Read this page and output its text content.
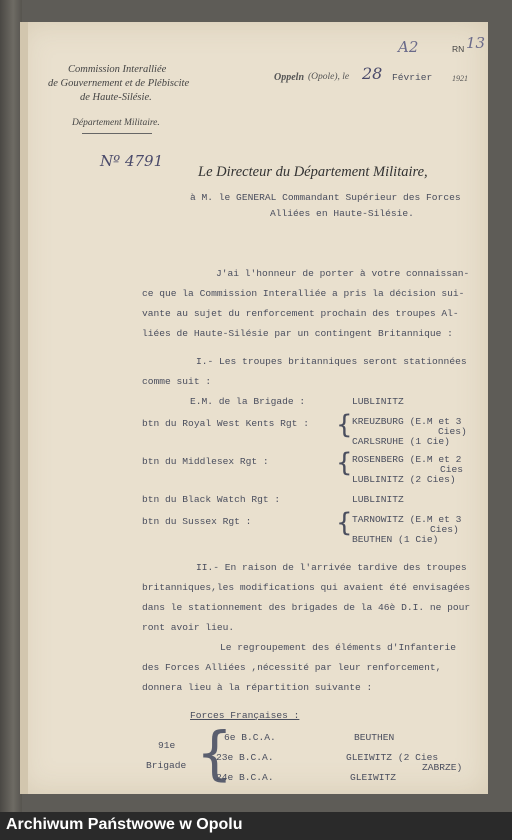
Commission Interalliée
de Gouvernement et de Plébiscite
de Haute-Silésie.
Département Militaire.
Oppeln (Opole), le 28 Février 1921
A2	RN 13
Nº 4791
Le Directeur du Département Militaire,
à M. le GENERAL Commandant Supérieur des Forces
Alliées en Haute-Silésie.
J'ai l'honneur de porter à votre connaissan-
ce que la Commission Interalliée a pris la décision sui-
vante au sujet du renforcement prochain des troupes Al-
liées de Haute-Silésie par un contingent Britannique :
I.- Les troupes britanniques seront stationnées
comme suit :
E.M. de la Brigade :	LUBLINITZ
btn du Royal West Kents Rgt : { KREUZBURG (E.M et 3
Cies)
CARLSRUHE (1 Cie)
btn du Middlesex Rgt :	{ ROSENBERG (E.M et 2
Cies
LUBLINITZ (2 Cies)
btn du Black Watch Rgt :	LUBLINITZ
btn du Sussex Rgt :	{ TARNOWITZ (E.M et 3
Cies)
BEUTHEN (1 Cie)
II.- En raison de l'arrivée tardive des troupes
britanniques,les modifications qui avaient été envisagées
dans le stationnement des brigades de la 46è D.I. ne pour
ront avoir lieu.
Le regroupement des éléments d'Infanterie
des Forces Alliées ,nécessité par leur renforcement,
donnera lieu à la répartition suivante :
Forces Françaises :
91e
Brigade {
6e B.C.A.	BEUTHEN
23e B.C.A.	GLEIWITZ (2 Cies
ZABRZE)
24e B.C.A.	GLEIWITZ
Archiwum Państwowe w Opolu
